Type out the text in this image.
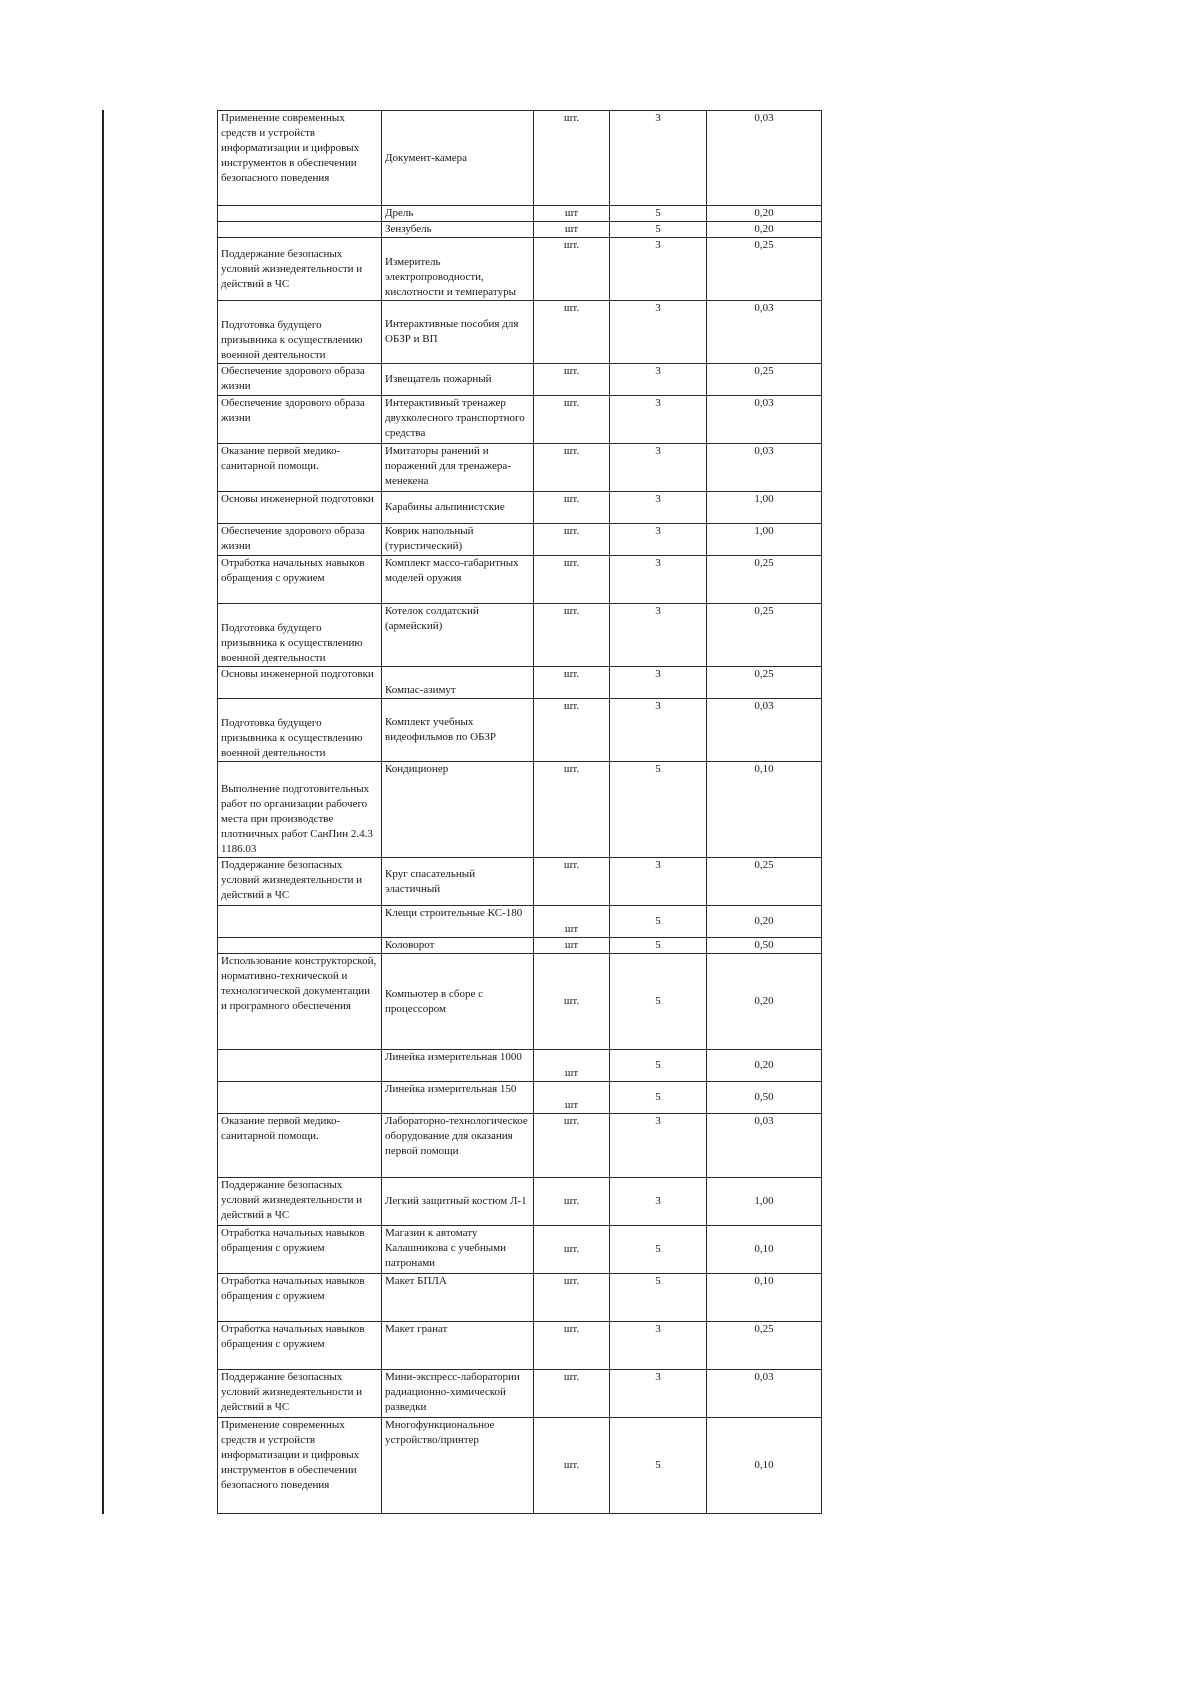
Применение современных средств и устройств информатизации и цифровых инструментов в обеспечении безопасного поведения	Документ-камера	шт.	3	0,03

	Дрель	шт	5	0,20

	Зензубель	шт	5	0,20

Поддержание безопасных условий жизнедеятельности и действий в ЧС	Измеритель электропроводности, кислотности и температуры	шт.	3	0,25

Подготовка будущего призывника к осуществлению военной деятельности	Интерактивные пособия для ОБЗР и ВП	шт.	3	0,03

Обеспечение здорового образа жизни	Извещатель пожарный	шт.	3	0,25

Обеспечение здорового образа жизни	Интерактивный тренажер двухколесного транспортного средства	шт.	3	0,03

Оказание первой медико-санитарной помощи.	Имитаторы ранений и поражений для тренажера-менекена	шт.	3	0,03

Основы инженерной подготовки	Карабины альпинистские	шт.	3	1,00

Обеспечение здорового образа жизни	Коврик напольный (туристический)	шт.	3	1,00

Отработка начальных навыков обращения с оружием	Комплект массо-габаритных моделей оружия	шт.	3	0,25

Подготовка будущего призывника к осуществлению военной деятельности	Котелок солдатский (армейский)	шт.	3	0,25

Основы инженерной подготовки	Компас-азимут	шт.	3	0,25

Подготовка будущего призывника к осуществлению военной деятельности	Комплект учебных видеофильмов по ОБЗР	шт.	3	0,03

Выполнение подготовительных работ по организации рабочего места при производстве плотничных работ СанПин 2.4.3 1186.03	Кондиционер	шт.	5	0,10

Поддержание безопасных условий жизнедеятельности и действий в ЧС	Круг спасательный эластичный	шт.	3	0,25

	Клещи строительные КС-180	шт	5	0,20

	Коловорот	шт	5	0,50

Использование конструкторской, нормативно-технической и технологической документации и програмного обеспечения	Компьютер в сборе с процессором	шт.	5	0,20

	Линейка измерительная 1000	шт	5	0,20

	Линейка измерительная 150	шт	5	0,50

Оказание первой медико-санитарной помощи.	Лабораторно-технологическое оборудование для оказания первой помощи	шт.	3	0,03

Поддержание безопасных условий жизнедеятельности и действий в ЧС	Легкий защитный костюм Л-1	шт.	3	1,00

Отработка начальных навыков обращения с оружием	Магазин к автомату Калашникова с учебными патронами	шт.	5	0,10

Отработка начальных навыков обращения с оружием	Макет БПЛА	шт.	5	0,10

Отработка начальных навыков обращения с оружием	Макет гранат	шт.	3	0,25

Поддержание безопасных условий жизнедеятельности и действий в ЧС	Мини-экспресс-лаборатории радиационно-химической разведки	шт.	3	0,03

Применение современных средств и устройств информатизации и цифровых инструментов в обеспечении безопасного поведения	Многофункциональное устройство/принтер	шт.	5	0,10
